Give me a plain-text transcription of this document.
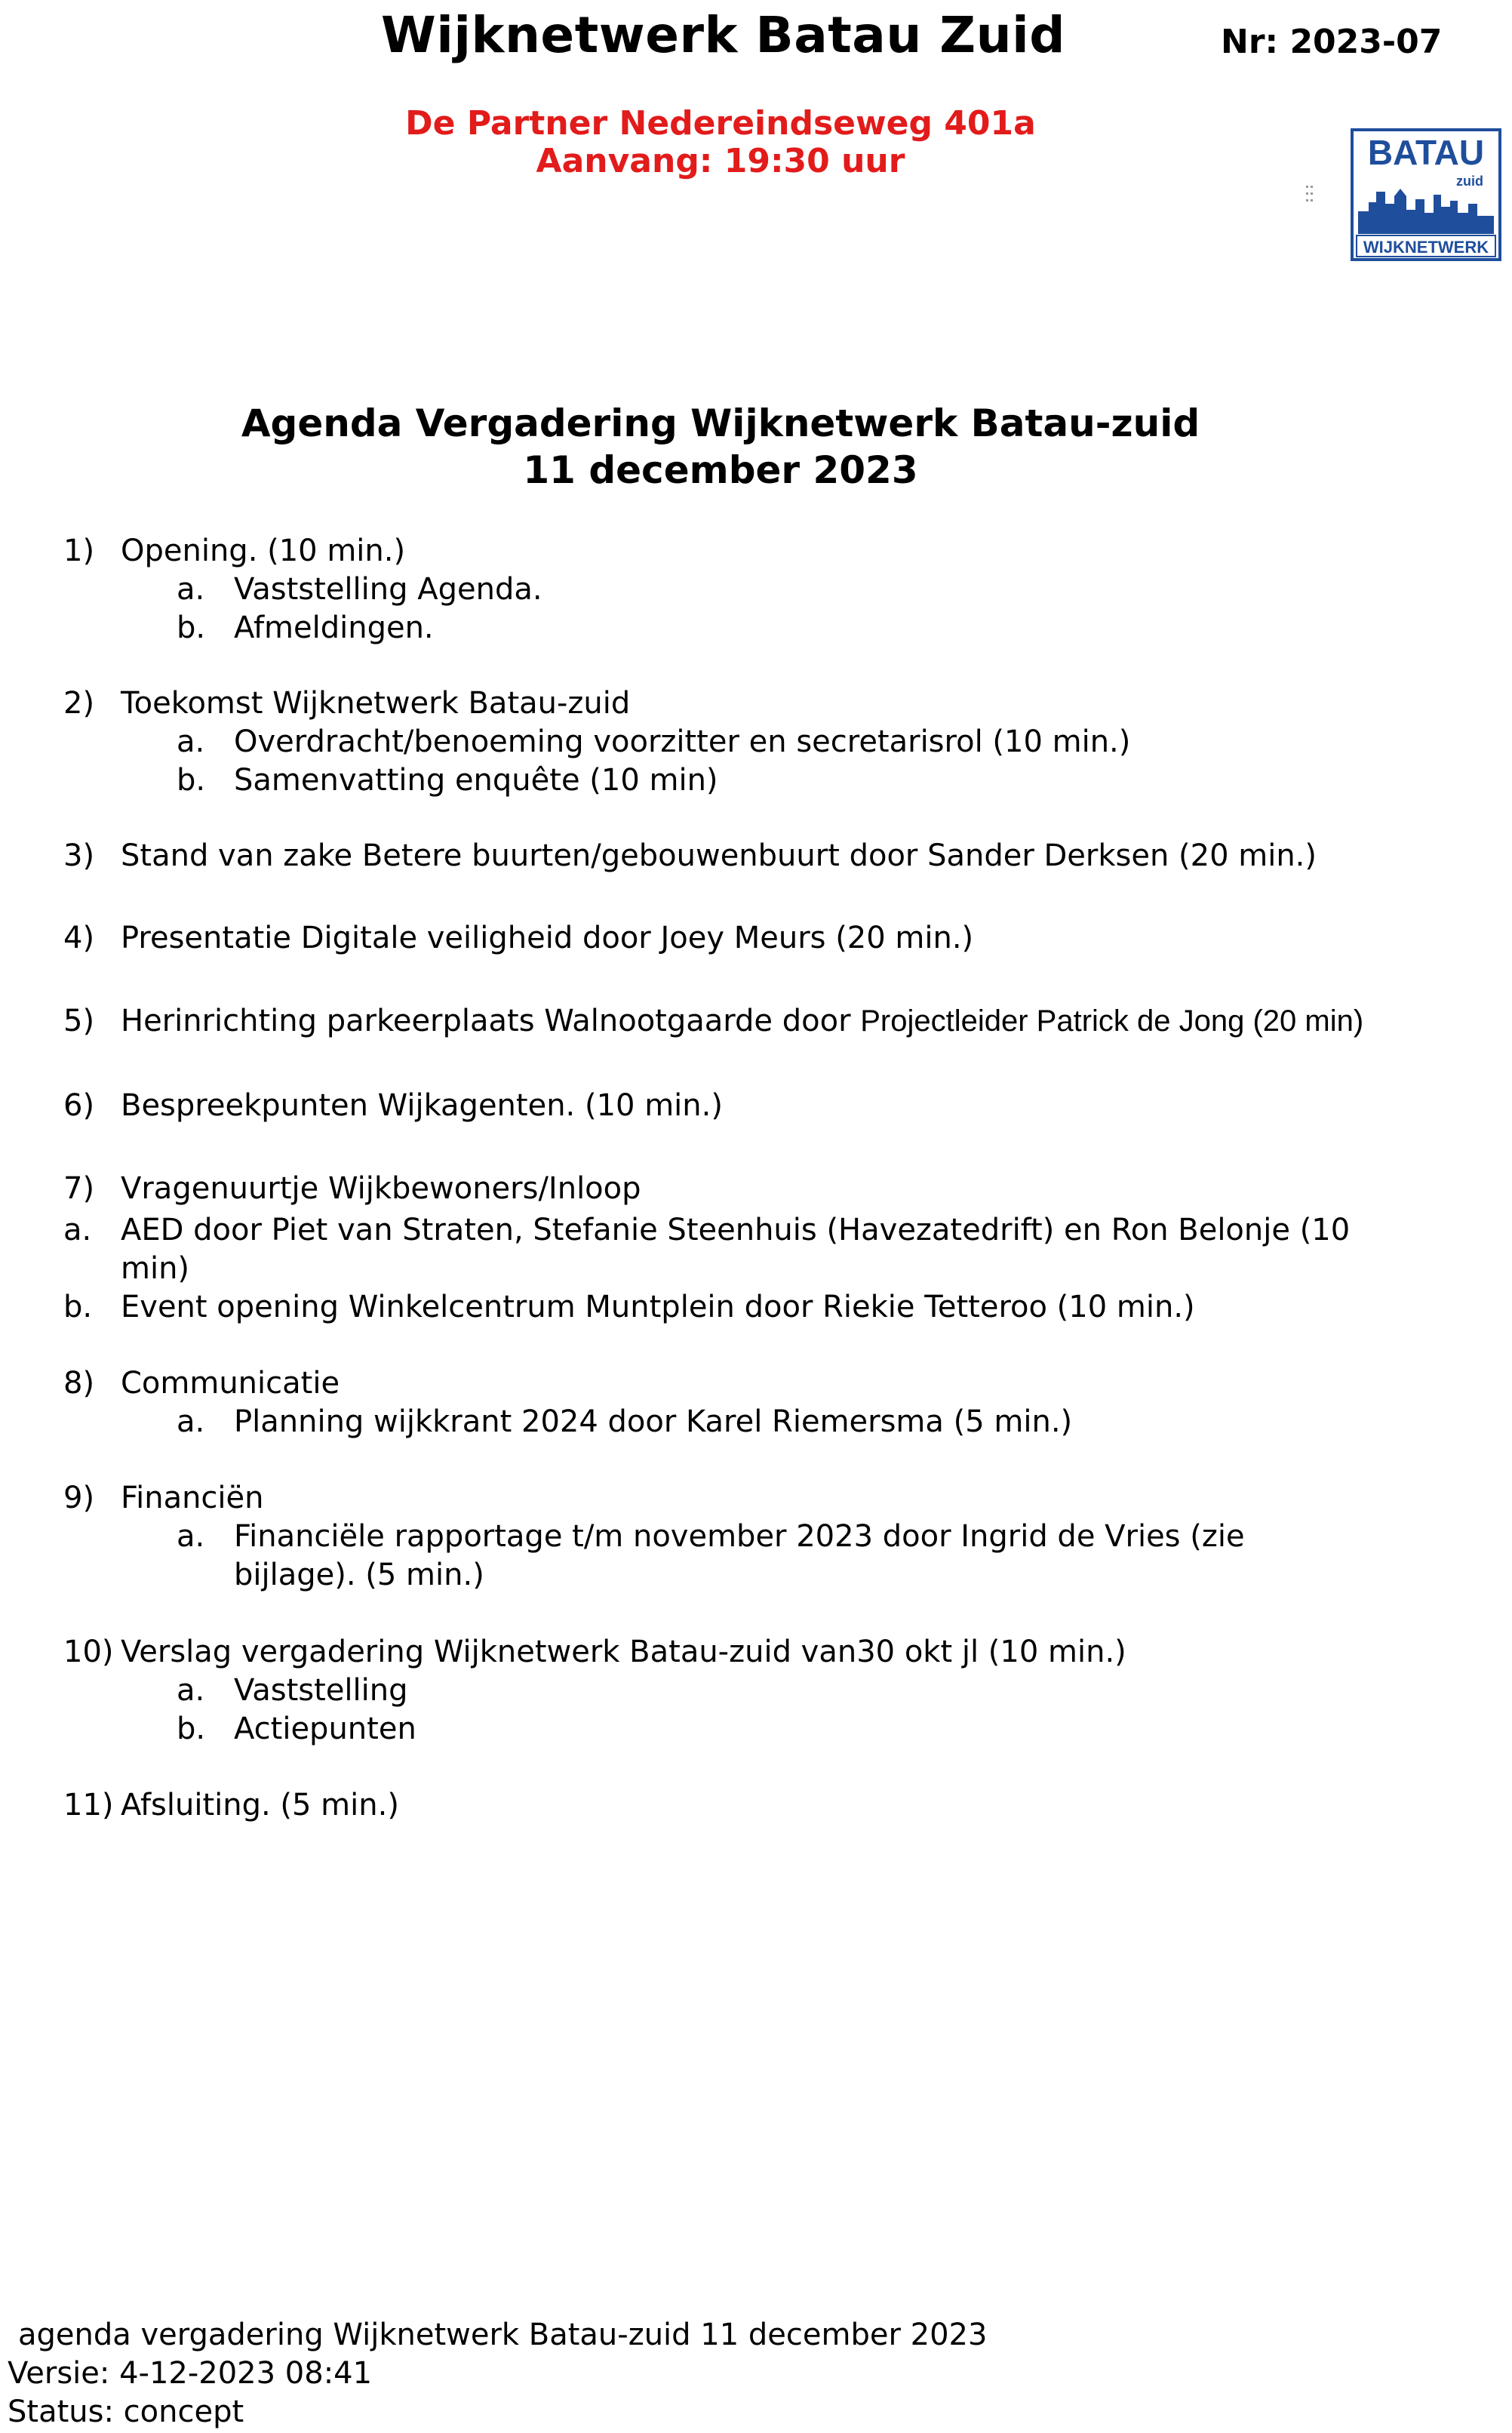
Wijknetwerk Batau Zuid	Nr: 2023-07
De Partner Nedereindseweg 401a
Aanvang: 19:30 uur	BATAU
zuid
WIJKNETWERK
Agenda Vergadering Wijknetwerk Batau-zuid
11 december 2023
1) Opening. (10 min.)
a. Vaststelling Agenda.
b. Afmeldingen.
2) Toekomst Wijknetwerk Batau-zuid
a. Overdracht/benoeming voorzitter en secretarisrol (10 min.)
b. Samenvatting enquête (10 min)
3) Stand van zake Betere buurten/gebouwenbuurt door Sander Derksen (20 min.)
4) Presentatie Digitale veiligheid door Joey Meurs (20 min.)
5) Herinrichting parkeerplaats Walnootgaarde door Projectleider Patrick de Jong (20 min)
6) Bespreekpunten Wijkagenten. (10 min.)
7) Vragenuurtje Wijkbewoners/Inloop
a. AED door Piet van Straten, Stefanie Steenhuis (Havezatedrift) en Ron Belonje (10
min)
b. Event opening Winkelcentrum Muntplein door Riekie Tetteroo (10 min.)
8) Communicatie
a. Planning wijkkrant 2024 door Karel Riemersma (5 min.)
9) Financiën
a. Financiële rapportage t/m november 2023 door Ingrid de Vries (zie
bijlage). (5 min.)
10) Verslag vergadering Wijknetwerk Batau-zuid van30 okt jl (10 min.)
a. Vaststelling
b. Actiepunten
11) Afsluiting. (5 min.)
agenda vergadering Wijknetwerk Batau-zuid 11 december 2023
Versie: 4-12-2023 08:41
Status: concept
